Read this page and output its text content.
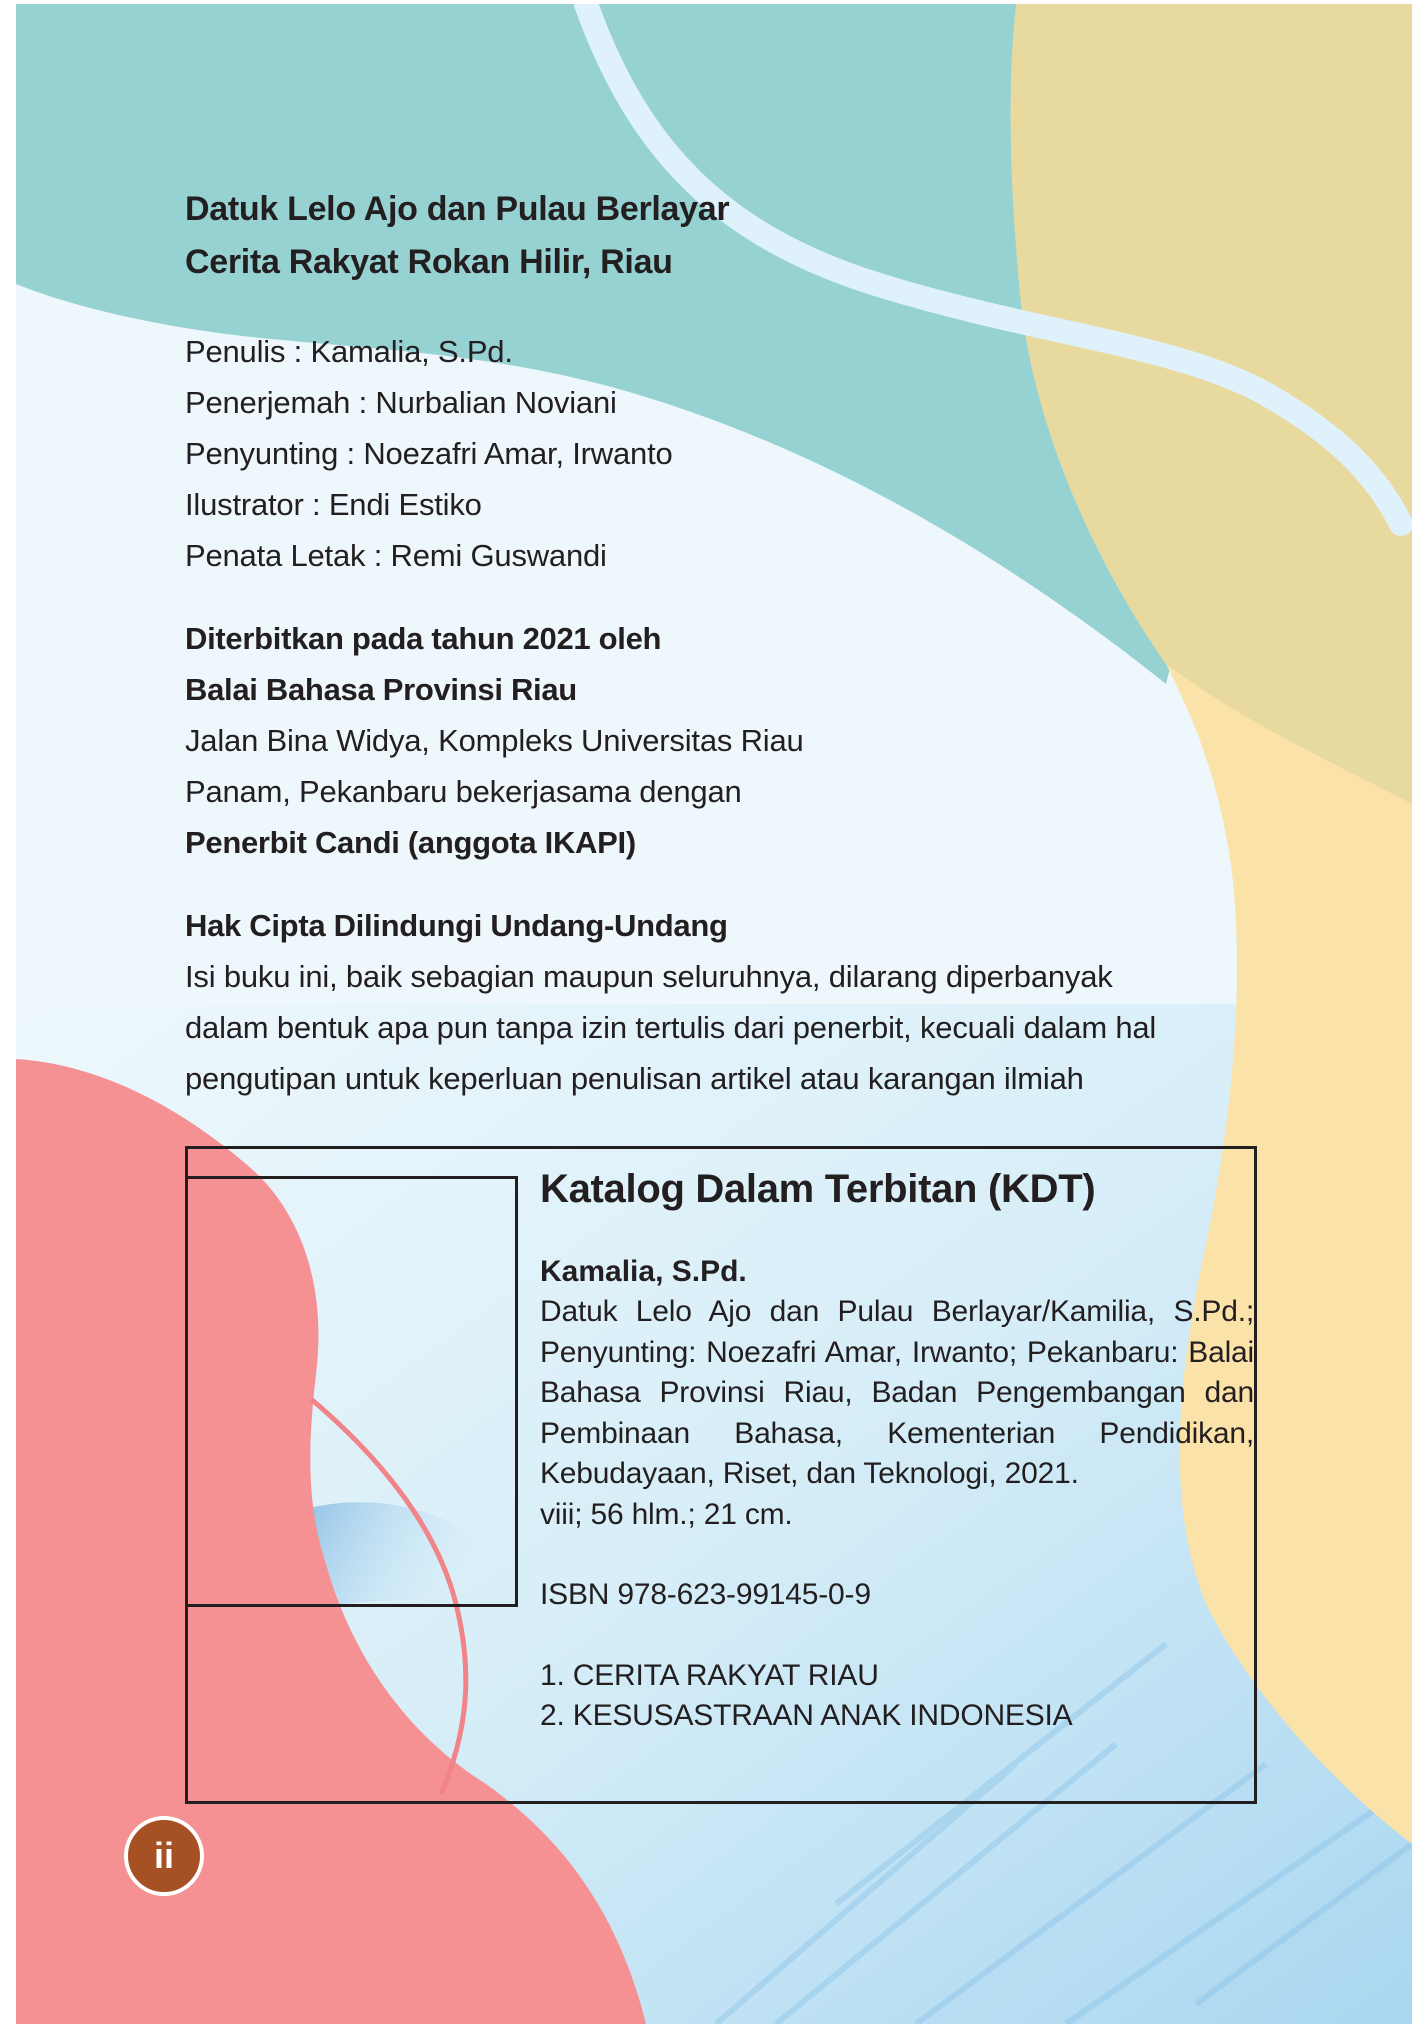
Datuk Lelo Ajo dan Pulau Berlayar
Cerita Rakyat Rokan Hilir, Riau
Penulis : Kamalia, S.Pd.
Penerjemah : Nurbalian Noviani
Penyunting : Noezafri Amar, Irwanto
Ilustrator : Endi Estiko
Penata Letak : Remi Guswandi
Diterbitkan pada tahun 2021 oleh
Balai Bahasa Provinsi Riau
Jalan Bina Widya, Kompleks Universitas Riau
Panam, Pekanbaru bekerjasama dengan
Penerbit Candi (anggota IKAPI)
Hak Cipta Dilindungi Undang-Undang
Isi buku ini, baik sebagian maupun seluruhnya, dilarang diperbanyak
dalam bentuk apa pun tanpa izin tertulis dari penerbit, kecuali dalam hal
pengutipan untuk keperluan penulisan artikel atau karangan ilmiah
Katalog Dalam Terbitan (KDT)
Kamalia, S.Pd.
Datuk Lelo Ajo dan Pulau Berlayar/Kamilia, S.Pd.; Penyunting: Noezafri Amar, Irwanto; Pekanbaru: Balai Bahasa Provinsi Riau, Badan Pengembangan dan Pembinaan Bahasa, Kementerian Pendidikan, Kebudayaan, Riset, dan Teknologi, 2021.
viii; 56 hlm.; 21 cm.
ISBN 978-623-99145-0-9
1. CERITA RAKYAT RIAU
2. KESUSASTRAAN ANAK INDONESIA
ii
